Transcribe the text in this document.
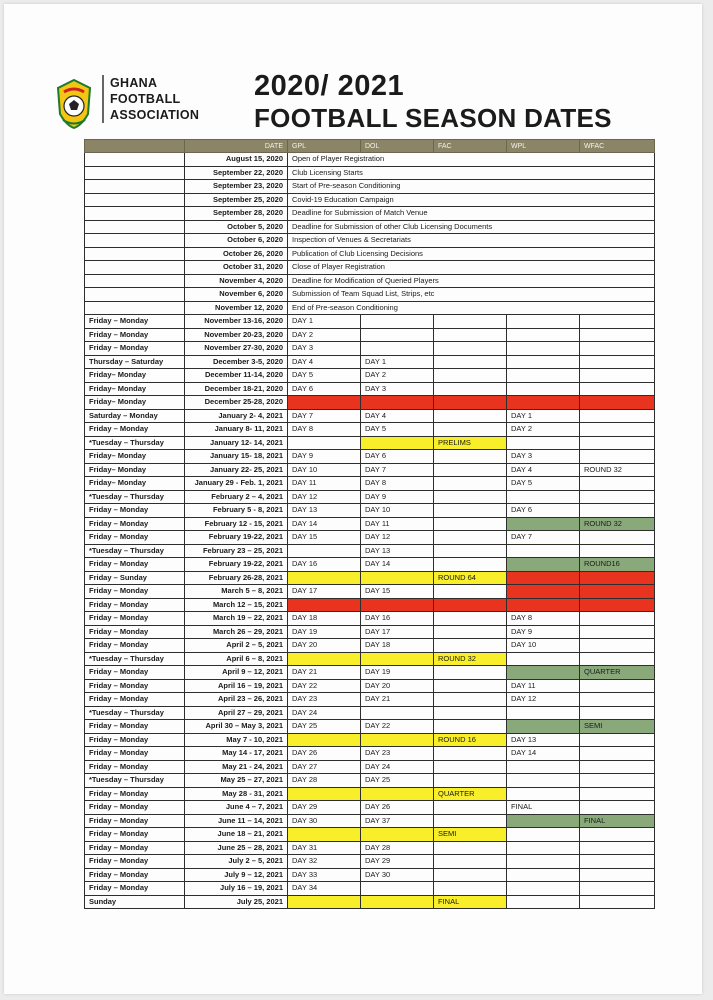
GHANA
FOOTBALL
ASSOCIATION
2020/ 2021
FOOTBALL SEASON DATES
	DATE	GPL	DOL	FAC	WPL	WFAC
	August 15, 2020	Open of Player Registration				
	September 22, 2020	Club Licensing Starts				
	September 23, 2020	Start of Pre-season Conditioning				
	September 25, 2020	Covid-19 Education Campaign				
	September 28, 2020	Deadline for Submission of Match Venue				
	October 5, 2020	Deadline for Submission of other Club Licensing Documents				
	October 6, 2020	Inspection of Venues & Secretariats				
	October 26, 2020	Publication of Club Licensing Decisions				
	October 31, 2020	Close of Player Registration				
	November 4, 2020	Deadline for Modification of Queried Players				
	November 6, 2020	Submission of Team Squad List, Strips, etc				
	November 12, 2020	End of Pre-season Conditioning				
Friday – Monday	November 13-16, 2020	DAY 1				
Friday – Monday	November 20-23, 2020	DAY 2				
Friday – Monday	November 27-30, 2020	DAY 3				
Thursday – Saturday	December 3-5, 2020	DAY 4	DAY 1			
Friday– Monday	December 11-14, 2020	DAY 5	DAY 2			
Friday– Monday	December 18-21, 2020	DAY 6	DAY 3			
Friday– Monday	December 25-28, 2020					
Saturday – Monday	January 2- 4, 2021	DAY 7	DAY 4		DAY 1	
Friday – Monday	January 8- 11, 2021	DAY 8	DAY 5		DAY 2	
*Tuesday – Thursday	January 12- 14, 2021			PRELIMS		
Friday– Monday	January 15- 18, 2021	DAY 9	DAY 6		DAY 3	
Friday– Monday	January 22- 25, 2021	DAY 10	DAY 7		DAY 4	ROUND 32
Friday– Monday	January 29 - Feb. 1, 2021	DAY 11	DAY 8		DAY 5	
*Tuesday – Thursday	February 2 – 4, 2021	DAY 12	DAY 9			
Friday – Monday	February 5 - 8, 2021	DAY 13	DAY 10		DAY 6	
Friday – Monday	February 12 - 15, 2021	DAY 14	DAY 11			ROUND 32
Friday – Monday	February 19-22, 2021	DAY 15	DAY 12		DAY 7	
*Tuesday – Thursday	February 23 – 25, 2021		DAY 13			
Friday – Monday	February 19-22, 2021	DAY 16	DAY 14			ROUND16
Friday – Sunday	February 26-28, 2021			ROUND 64		
Friday – Monday	March 5 – 8, 2021	DAY 17	DAY 15			
Friday – Monday	March 12 – 15, 2021					
Friday – Monday	March 19 – 22, 2021	DAY 18	DAY 16		DAY 8	
Friday – Monday	March 26 – 29, 2021	DAY 19	DAY 17		DAY 9	
Friday – Monday	April 2 – 5, 2021	DAY 20	DAY 18		DAY 10	
*Tuesday – Thursday	April 6 – 8, 2021			ROUND 32		
Friday – Monday	April 9 – 12, 2021	DAY 21	DAY 19			QUARTER
Friday – Monday	April 16 – 19, 2021	DAY 22	DAY 20		DAY 11	
Friday – Monday	April 23 – 26, 2021	DAY 23	DAY 21		DAY 12	
*Tuesday – Thursday	April 27 – 29, 2021	DAY 24				
Friday – Monday	April 30 – May 3, 2021	DAY 25	DAY 22			SEMI
Friday – Monday	May 7 - 10, 2021			ROUND 16	DAY 13	
Friday – Monday	May 14 - 17, 2021	DAY 26	DAY 23		DAY 14	
Friday – Monday	May 21 - 24, 2021	DAY 27	DAY 24			
*Tuesday – Thursday	May 25 – 27, 2021	DAY 28	DAY 25			
Friday – Monday	May 28 - 31, 2021			QUARTER		
Friday – Monday	June 4 – 7, 2021	DAY 29	DAY 26		FINAL	
Friday – Monday	June 11 – 14, 2021	DAY 30	DAY 37			FINAL
Friday – Monday	June 18 – 21, 2021			SEMI		
Friday – Monday	June 25 – 28, 2021	DAY 31	DAY 28			
Friday – Monday	July 2 – 5, 2021	DAY 32	DAY 29			
Friday – Monday	July 9 – 12, 2021	DAY 33	DAY 30			
Friday – Monday	July 16 – 19, 2021	DAY 34				
Sunday	July 25, 2021			FINAL		
